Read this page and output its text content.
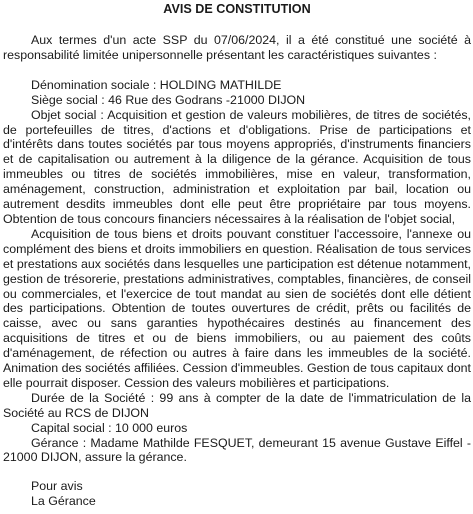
AVIS DE CONSTITUTION

Aux termes d'un acte SSP du 07/06/2024, il a été constitué une société à responsabilité limitée unipersonnelle présentant les caractéristiques suivantes :

Dénomination sociale : HOLDING MATHILDE
Siège social : 46 Rue des Godrans -21000 DIJON

Objet social : Acquisition et gestion de valeurs mobilières, de titres de sociétés, de portefeuilles de titres, d'actions et d'obligations. Prise de participations et d'intérêts dans toutes sociétés par tous moyens appropriés, d'instruments financiers et de capitalisation ou autrement à la diligence de la gérance. Acquisition de tous immeubles ou titres de sociétés immobilières, mise en valeur, transformation, aménagement, construction, administration et exploitation par bail, location ou autrement desdits immeubles dont elle peut être propriétaire par tous moyens. Obtention de tous concours financiers nécessaires à la réalisation de l'objet social,

Acquisition de tous biens et droits pouvant constituer l'accessoire, l'annexe ou complément des biens et droits immobiliers en question. Réalisation de tous services et prestations aux sociétés dans lesquelles une participation est détenue notamment, gestion de trésorerie, prestations administratives, comptables, financières, de conseil ou commerciales, et l'exercice de tout mandat au sien de sociétés dont elle détient des participations. Obtention de toutes ouvertures de crédit, prêts ou facilités de caisse, avec ou sans garanties hypothécaires destinés au financement des acquisitions de titres et ou de biens immobiliers, ou au paiement des coûts d'aménagement, de réfection ou autres à faire dans les immeubles de la société. Animation des sociétés affiliées. Cession d'immeubles. Gestion de tous capitaux dont elle pourrait disposer. Cession des valeurs mobilières et participations.

Durée de la Société : 99 ans à compter de la date de l'immatriculation de la Société au RCS de DIJON

Capital social : 10 000 euros

Gérance : Madame Mathilde FESQUET, demeurant 15 avenue Gustave Eiffel - 21000 DIJON, assure la gérance.

Pour avis
La Gérance
